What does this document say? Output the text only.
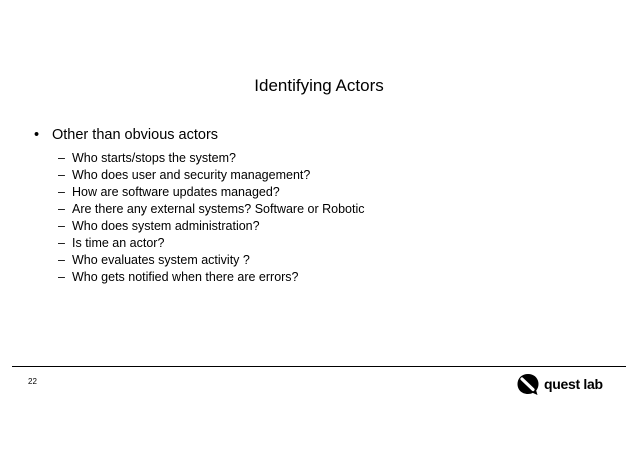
Identifying Actors
• Other than obvious actors
– Who starts/stops the system?
– Who does user and security management?
– How are software updates managed?
– Are there any external systems? Software or Robotic
– Who does system administration?
– Is time an actor?
– Who evaluates system activity ?
– Who gets notified when there are errors?
22	quest lab
